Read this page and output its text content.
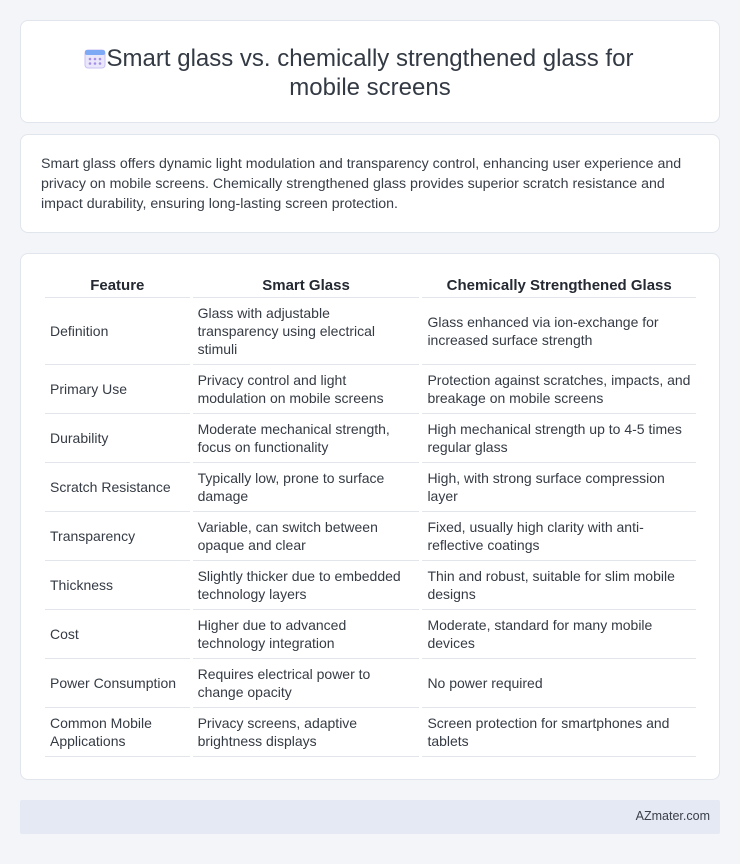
Smart glass vs. chemically strengthened glass for
mobile screens

Smart glass offers dynamic light modulation and transparency control, enhancing user experience and privacy on mobile screens. Chemically strengthened glass provides superior scratch resistance and impact durability, ensuring long-lasting screen protection.

Feature	Smart Glass	Chemically Strengthened Glass
Definition	Glass with adjustable transparency using electrical stimuli	Glass enhanced via ion-exchange for increased surface strength
Primary Use	Privacy control and light modulation on mobile screens	Protection against scratches, impacts, and breakage on mobile screens
Durability	Moderate mechanical strength, focus on functionality	High mechanical strength up to 4-5 times regular glass
Scratch Resistance	Typically low, prone to surface damage	High, with strong surface compression layer
Transparency	Variable, can switch between opaque and clear	Fixed, usually high clarity with anti-reflective coatings
Thickness	Slightly thicker due to embedded technology layers	Thin and robust, suitable for slim mobile designs
Cost	Higher due to advanced technology integration	Moderate, standard for many mobile devices
Power Consumption	Requires electrical power to change opacity	No power required
Common Mobile Applications	Privacy screens, adaptive brightness displays	Screen protection for smartphones and tablets
AZmater.com
